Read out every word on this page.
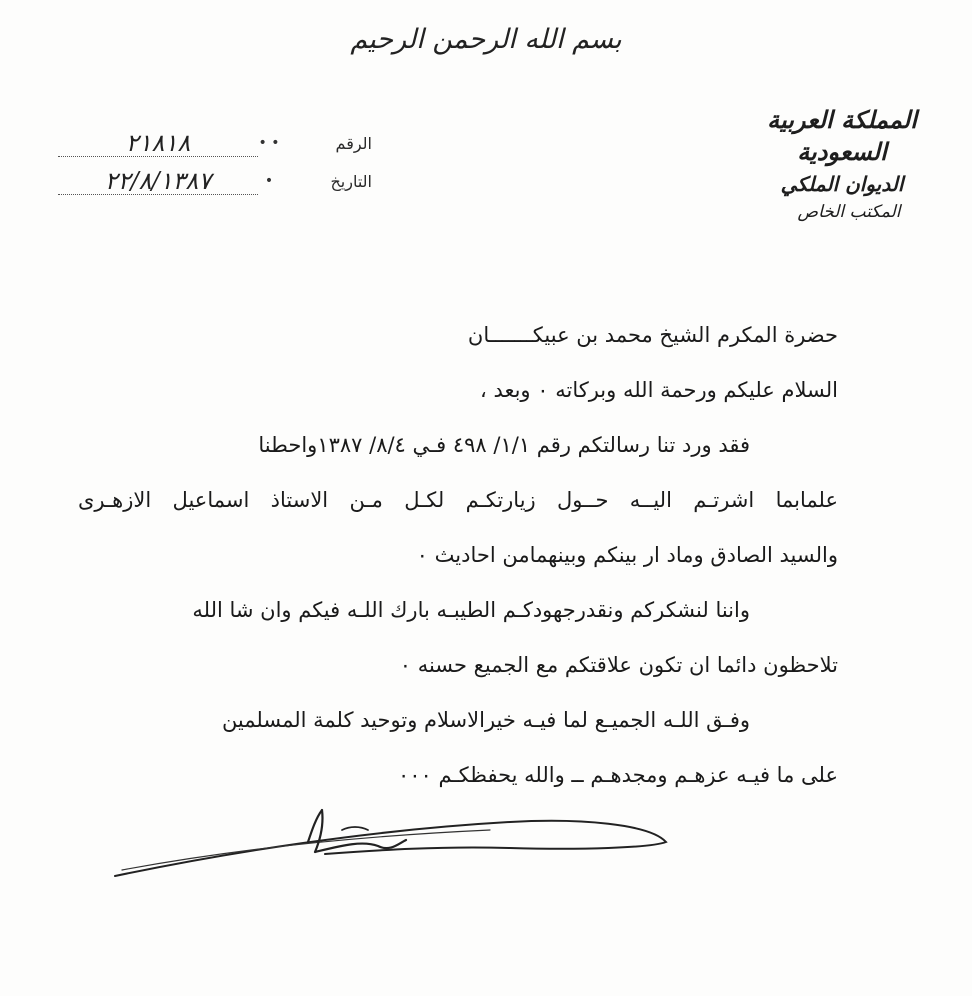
بسم الله الرحمن الرحيم
المملكة العربية السعودية
الديوان الملكي
المكتب الخاص
٢١٨١٨	• •	الرقم
٢٢/٨/١٣٨٧	•	التاريخ
حضرة المكرم الشيخ محمد بن عبيكـــــــان
السلام عليكم ورحمة الله وبركاته ٠ وبعد ،
فقد ورد تنا رسالتكم رقم ١/١/ ٤٩٨ فـي ٨/٤/ ١٣٨٧واحطنا
علمابما اشرتـم اليــه حــول زيارتكـم لكـل مـن الاستاذ اسماعيل الازهـرى
والسيد الصادق وماد ار بينكم وبينهمامن احاديث ٠
واننا لنشكركم ونقدرجهودكـم الطيبـه بارك اللـه فيكم وان شا الله
تلاحظون دائما ان تكون علاقتكم مع الجميع حسنه ٠
وفـق اللـه الجميـع لما فيـه خيرالاسلام وتوحيد كلمة المسلمين
على ما فيـه عزهـم ومجدهـم ــ والله يحفظكـم ٠٠٠
